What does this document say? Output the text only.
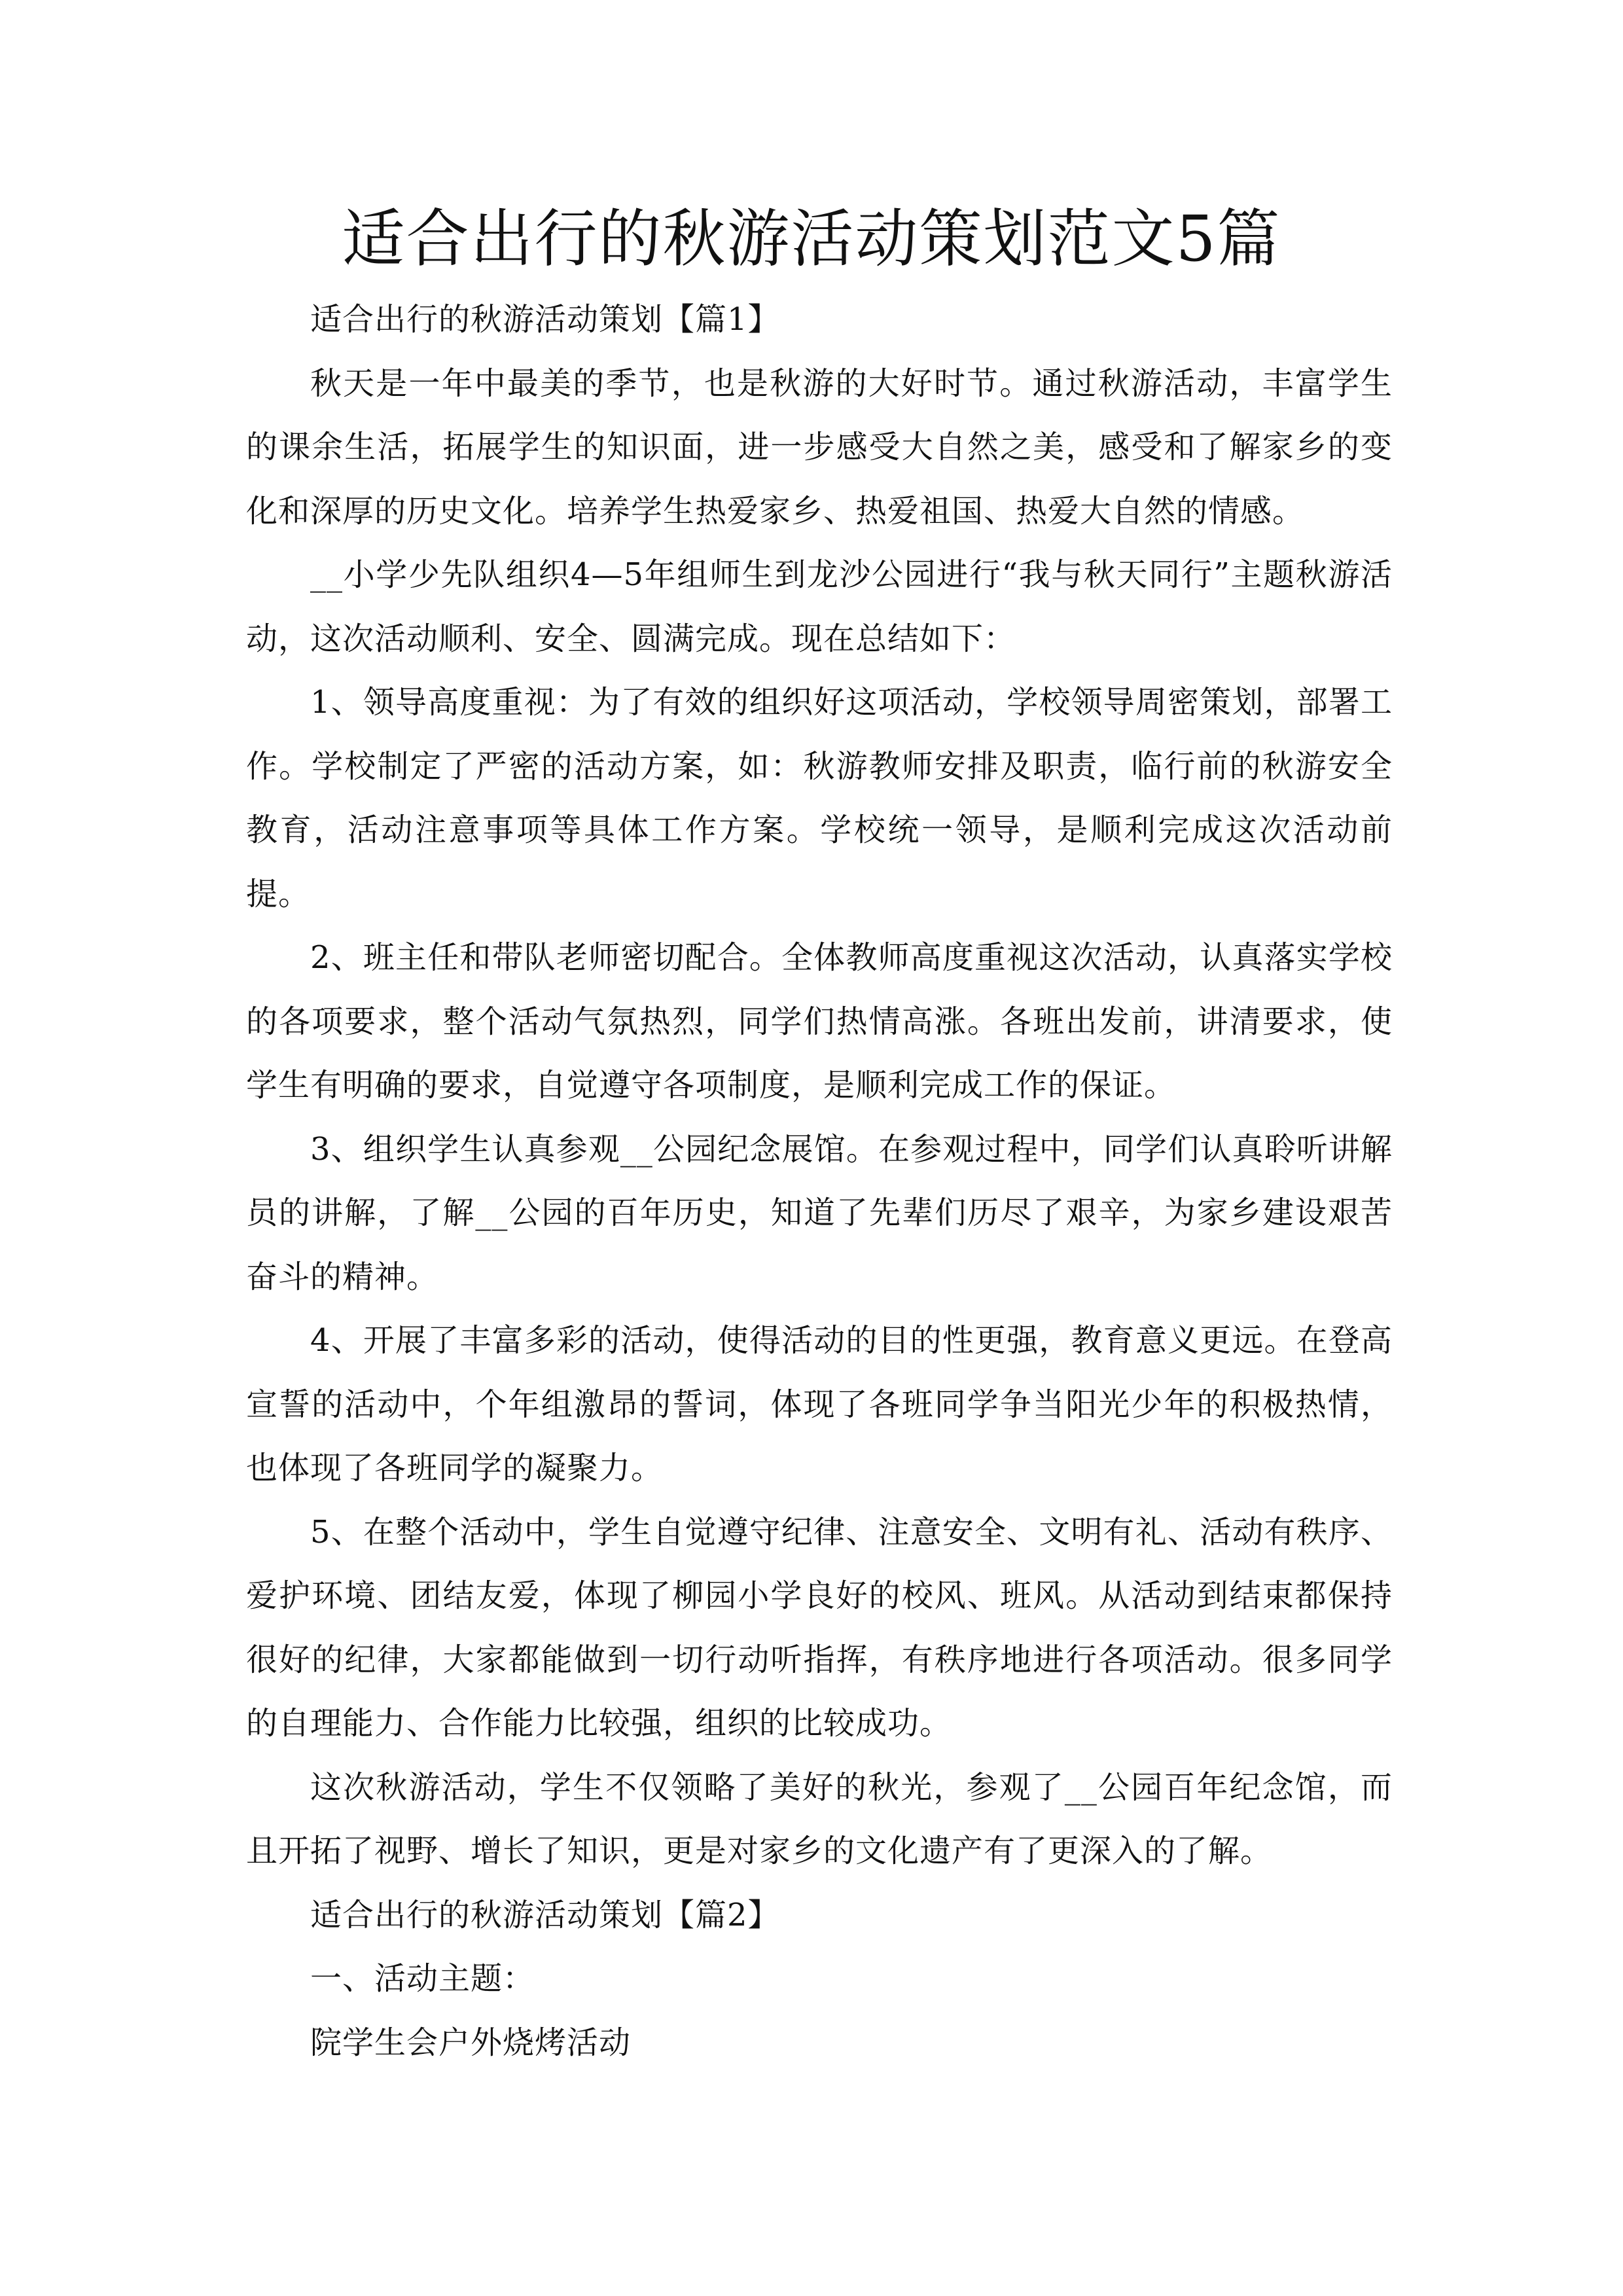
适合出行的秋游活动策划范文5篇

适合出行的秋游活动策划【篇1】

秋天是一年中最美的季节，也是秋游的大好时节。通过秋游活动，丰富学生的课余生活，拓展学生的知识面，进一步感受大自然之美，感受和了解家乡的变化和深厚的历史文化。培养学生热爱家乡、热爱祖国、热爱大自然的情感。

__小学少先队组织4—5年组师生到龙沙公园进行“我与秋天同行”主题秋游活动，这次活动顺利、安全、圆满完成。现在总结如下：

1、领导高度重视：为了有效的组织好这项活动，学校领导周密策划，部署工作。学校制定了严密的活动方案，如：秋游教师安排及职责，临行前的秋游安全教育，活动注意事项等具体工作方案。学校统一领导，是顺利完成这次活动前提。

2、班主任和带队老师密切配合。全体教师高度重视这次活动，认真落实学校的各项要求，整个活动气氛热烈，同学们热情高涨。各班出发前，讲清要求，使学生有明确的要求，自觉遵守各项制度，是顺利完成工作的保证。

3、组织学生认真参观__公园纪念展馆。在参观过程中，同学们认真聆听讲解员的讲解，了解__公园的百年历史，知道了先辈们历尽了艰辛，为家乡建设艰苦奋斗的精神。

4、开展了丰富多彩的活动，使得活动的目的性更强，教育意义更远。在登高宣誓的活动中，个年组激昂的誓词，体现了各班同学争当阳光少年的积极热情，也体现了各班同学的凝聚力。

5、在整个活动中，学生自觉遵守纪律、注意安全、文明有礼、活动有秩序、爱护环境、团结友爱，体现了柳园小学良好的校风、班风。从活动到结束都保持很好的纪律，大家都能做到一切行动听指挥，有秩序地进行各项活动。很多同学的自理能力、合作能力比较强，组织的比较成功。

这次秋游活动，学生不仅领略了美好的秋光，参观了__公园百年纪念馆，而且开拓了视野、增长了知识，更是对家乡的文化遗产有了更深入的了解。

适合出行的秋游活动策划【篇2】

一、活动主题：

院学生会户外烧烤活动
